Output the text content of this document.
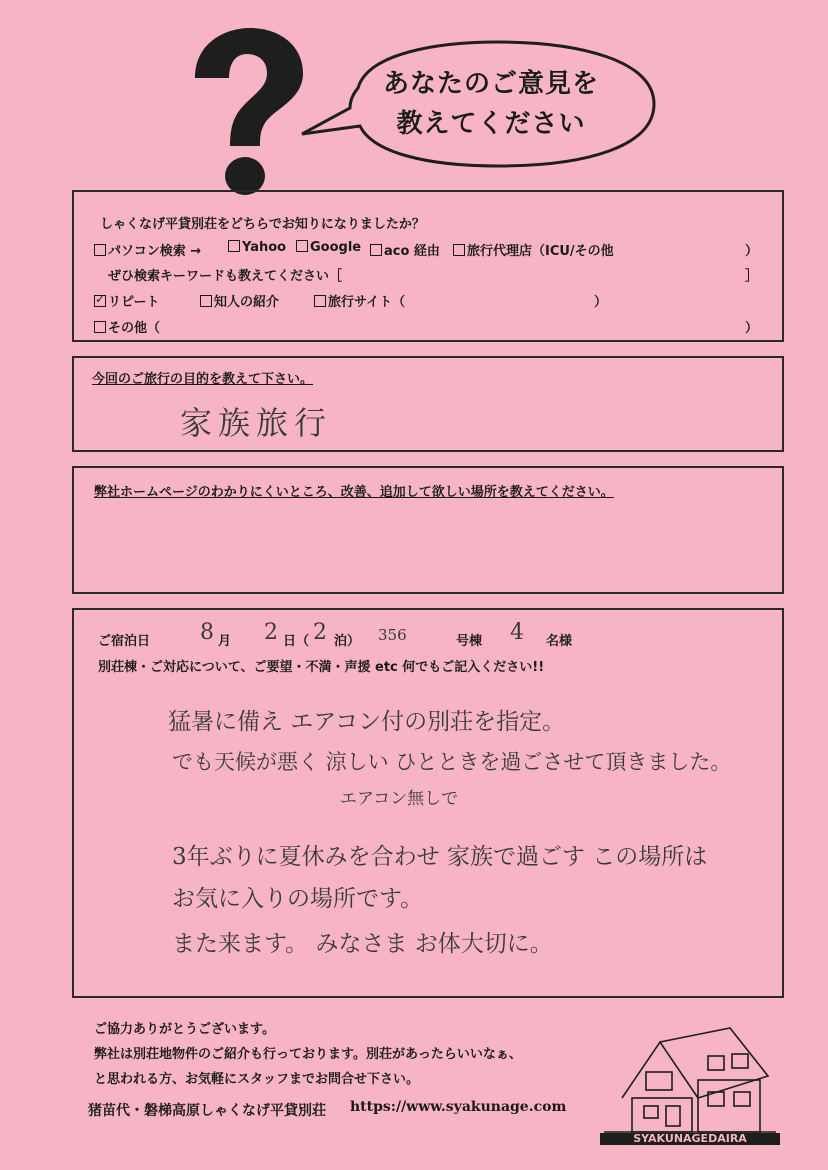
あなたのご意見を
教えてください
しゃくなげ平貸別荘をどちらでお知りになりましたか？
パソコン検索 →	Yahoo	Google	aco 経由	旅行代理店（ICU/その他	）
ぜひ検索キーワードも教えてください［	］
✓リピート	知人の紹介	旅行サイト（	）
その他（	）
今回のご旅行の目的を教えて下さい。
家族旅行
弊社ホームページのわかりにくいところ、改善、追加して欲しい場所を教えてください。
ご宿泊日 8 月 2 日 （ 2 泊） 356	号棟 4 名様
別荘棟・ご対応について、ご要望・不満・声援 etc 何でもご記入ください!!
猛暑に備え エアコン付の別荘を指定。
でも天候が悪く 涼しい ひとときを過ごさせて頂きました。
エアコン無しで
3年ぶりに夏休みを合わせ 家族で過ごす この場所は
お気に入りの場所です。
また来ます。 みなさま お体大切に。
ご協力ありがとうございます。
弊社は別荘地物件のご紹介も行っております。別荘があったらいいなぁ、
と思われる方、お気軽にスタッフまでお問合せ下さい。
猪苗代・磐梯高原しゃくなげ平貸別荘 https://www.syakunage.com
SYAKUNAGEDAIRA
